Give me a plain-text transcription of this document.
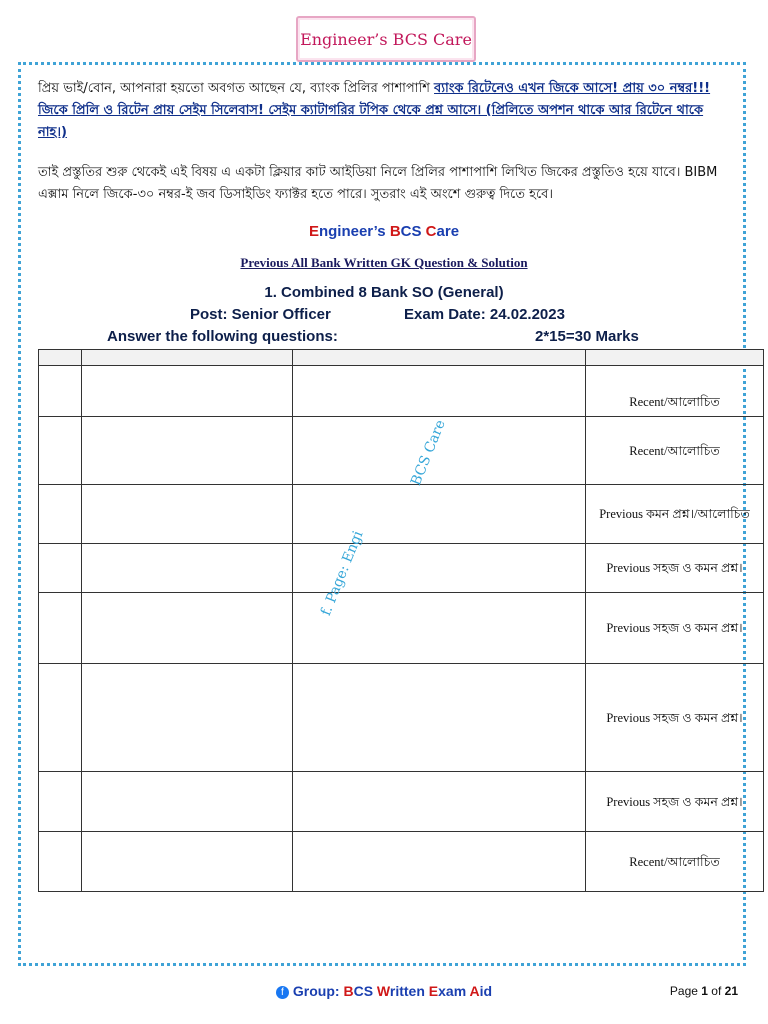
Engineer’s BCS Care
প্রিয় ভাই/বোন, আপনারা হয়তো অবগত আছেন যে, ব্যাংক প্রিলির পাশাপাশি ব্যাংক রিটেনেও এখন জিকে আসে! প্রায় ৩০ নম্বর!!! জিকে প্রিলি ও রিটেন প্রায় সেইম সিলেবাস! সেইম ক্যাটাগরির টপিক থেকে প্রশ্ন আসে। (প্রিলিতে অপশন থাকে আর রিটেনে থাকে নাহ।)
তাই প্রস্তুতির শুরু থেকেই এই বিষয় এ একটা ক্লিয়ার কাট আইডিয়া নিলে প্রিলির পাশাপাশি লিখিত জিকের প্রস্তুতিও হয়ে যাবে। BIBM এক্সাম নিলে জিকে-৩০ নম্বর-ই জব ডিসাইডিং ফ্যাক্টর হতে পারে। সুতরাং এই অংশে গুরুত্ব দিতে হবে।
Engineer’s BCS Care
Previous All Bank Written GK Question & Solution
1. Combined 8 Bank SO (General)
Post: Senior Officer	Exam Date: 24.02.2023
Answer the following questions:	2*15=30 Marks

			Recent/আলোচিত
			Recent/আলোচিত
			Previous কমন প্রশ্ন।/আলোচিত
			Previous সহজ ও কমন প্রশ্ন।
			Previous সহজ ও কমন প্রশ্ন।
			Previous সহজ ও কমন প্রশ্ন।
			Previous সহজ ও কমন প্রশ্ন।
			Recent/আলোচিত
BCS Care
f. Page: Engi
f Group: BCS Written Exam Aid	Page 1 of 21
